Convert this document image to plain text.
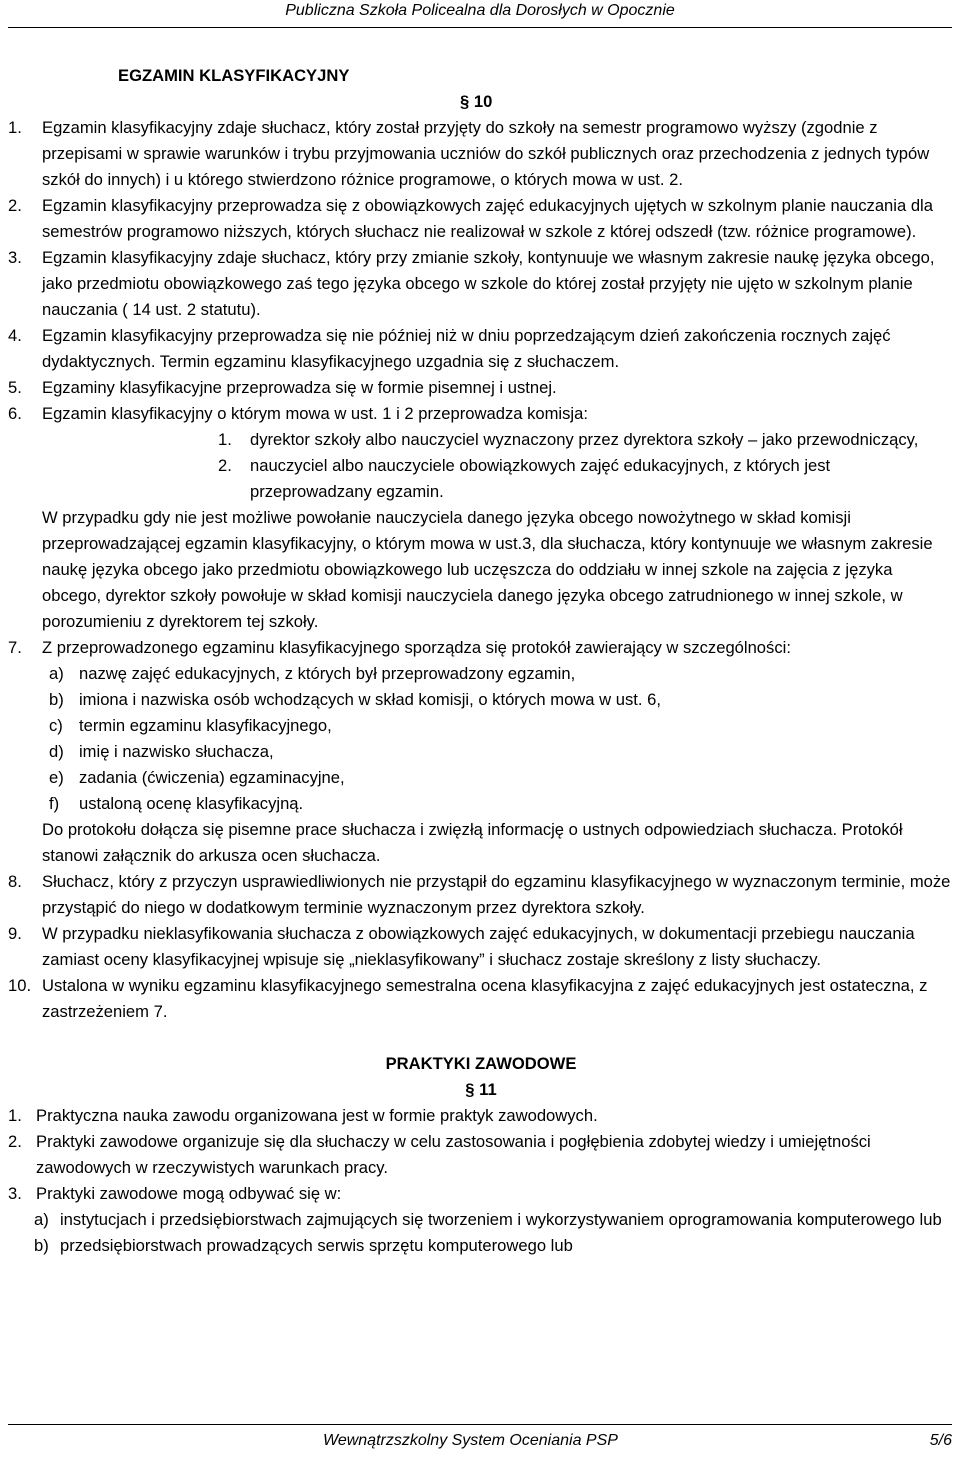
Publiczna Szkoła Policealna dla Dorosłych w Opocznie
EGZAMIN KLASYFIKACYJNY
§ 10
1. Egzamin klasyfikacyjny zdaje słuchacz, który został przyjęty do szkoły na semestr programowo wyższy (zgodnie z przepisami w sprawie warunków i trybu przyjmowania uczniów do szkół publicznych oraz przechodzenia z jednych typów szkół do innych) i u którego stwierdzono różnice programowe, o których mowa w ust. 2.
2. Egzamin klasyfikacyjny przeprowadza się z obowiązkowych zajęć edukacyjnych ujętych w szkolnym planie nauczania dla semestrów programowo niższych, których słuchacz nie realizował w szkole z której odszedł (tzw. różnice programowe).
3. Egzamin klasyfikacyjny zdaje słuchacz, który przy zmianie szkoły, kontynuuje we własnym zakresie naukę języka obcego, jako przedmiotu obowiązkowego zaś tego języka obcego w szkole do której został przyjęty nie ujęto w szkolnym planie nauczania ( 14 ust. 2 statutu).
4. Egzamin klasyfikacyjny przeprowadza się nie później niż w dniu poprzedzającym dzień zakończenia rocznych zajęć dydaktycznych. Termin egzaminu klasyfikacyjnego uzgadnia się z słuchaczem.
5. Egzaminy klasyfikacyjne przeprowadza się w formie pisemnej i ustnej.
6. Egzamin klasyfikacyjny o którym mowa w ust. 1 i 2 przeprowadza komisja:
1. dyrektor szkoły albo nauczyciel wyznaczony przez dyrektora szkoły – jako przewodniczący,
2. nauczyciel albo nauczyciele obowiązkowych zajęć edukacyjnych, z których jest przeprowadzany egzamin.
W przypadku gdy nie jest możliwe powołanie nauczyciela danego języka obcego nowożytnego w skład komisji przeprowadzającej egzamin klasyfikacyjny, o którym mowa w ust.3, dla słuchacza, który kontynuuje we własnym zakresie naukę języka obcego jako przedmiotu obowiązkowego lub uczęszcza do oddziału w innej szkole na zajęcia z języka obcego, dyrektor szkoły powołuje w skład komisji nauczyciela danego języka obcego zatrudnionego w innej szkole, w porozumieniu z dyrektorem tej szkoły.
7. Z przeprowadzonego egzaminu klasyfikacyjnego sporządza się protokół zawierający w szczególności:
a) nazwę zajęć edukacyjnych, z których był przeprowadzony egzamin,
b) imiona i nazwiska osób wchodzących w skład komisji, o których mowa w ust. 6,
c) termin egzaminu klasyfikacyjnego,
d) imię i nazwisko słuchacza,
e) zadania (ćwiczenia) egzaminacyjne,
f) ustaloną ocenę klasyfikacyjną.
Do protokołu dołącza się pisemne prace słuchacza i zwięzłą informację o ustnych odpowiedziach słuchacza. Protokół stanowi załącznik do arkusza ocen słuchacza.
8. Słuchacz, który z przyczyn usprawiedliwionych nie przystąpił do egzaminu klasyfikacyjnego w wyznaczonym terminie, może przystąpić do niego w dodatkowym terminie wyznaczonym przez dyrektora szkoły.
9. W przypadku nieklasyfikowania słuchacza z obowiązkowych zajęć edukacyjnych, w dokumentacji przebiegu nauczania zamiast oceny klasyfikacyjnej wpisuje się „nieklasyfikowany” i słuchacz zostaje skreślony z listy słuchaczy.
10. Ustalona w wyniku egzaminu klasyfikacyjnego semestralna ocena klasyfikacyjna z zajęć edukacyjnych jest ostateczna, z zastrzeżeniem 7.
PRAKTYKI ZAWODOWE
§ 11
1. Praktyczna nauka zawodu organizowana jest w formie praktyk zawodowych.
2. Praktyki zawodowe organizuje się dla słuchaczy w celu zastosowania i pogłębienia zdobytej wiedzy i umiejętności zawodowych w rzeczywistych warunkach pracy.
3. Praktyki zawodowe mogą odbywać się w:
a) instytucjach i przedsiębiorstwach zajmujących się tworzeniem i wykorzystywaniem oprogramowania komputerowego lub
b) przedsiębiorstwach prowadzących serwis sprzętu komputerowego lub
Wewnątrzszkolny System Oceniania PSP	5/6
